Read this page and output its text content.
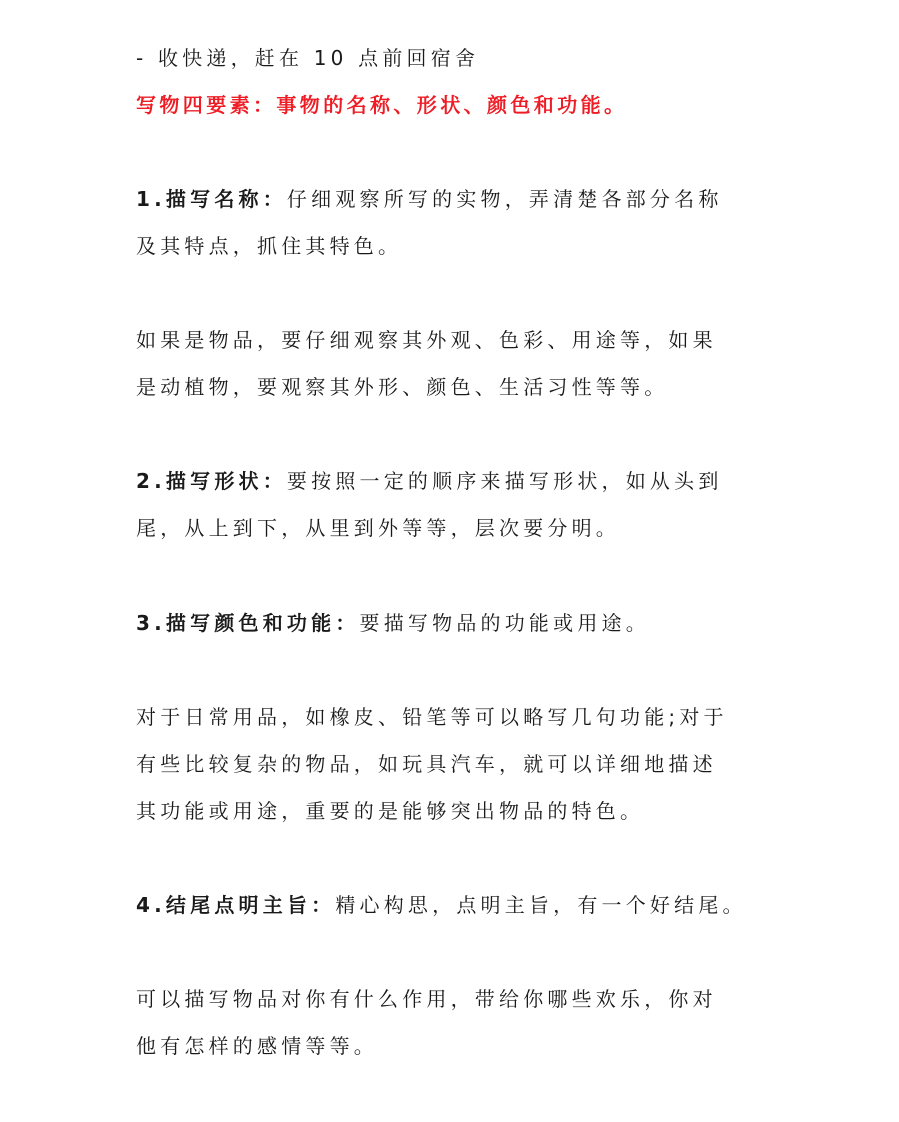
- 收快递，赶在 10 点前回宿舍
写物四要素：事物的名称、形状、颜色和功能。
1.描写名称：仔细观察所写的实物，弄清楚各部分名称
及其特点，抓住其特色。
如果是物品，要仔细观察其外观、色彩、用途等，如果
是动植物，要观察其外形、颜色、生活习性等等。
2.描写形状：要按照一定的顺序来描写形状，如从头到
尾，从上到下，从里到外等等，层次要分明。
3.描写颜色和功能：要描写物品的功能或用途。
对于日常用品，如橡皮、铅笔等可以略写几句功能;对于
有些比较复杂的物品，如玩具汽车，就可以详细地描述
其功能或用途，重要的是能够突出物品的特色。
4.结尾点明主旨：精心构思，点明主旨，有一个好结尾。
可以描写物品对你有什么作用，带给你哪些欢乐，你对
他有怎样的感情等等。
